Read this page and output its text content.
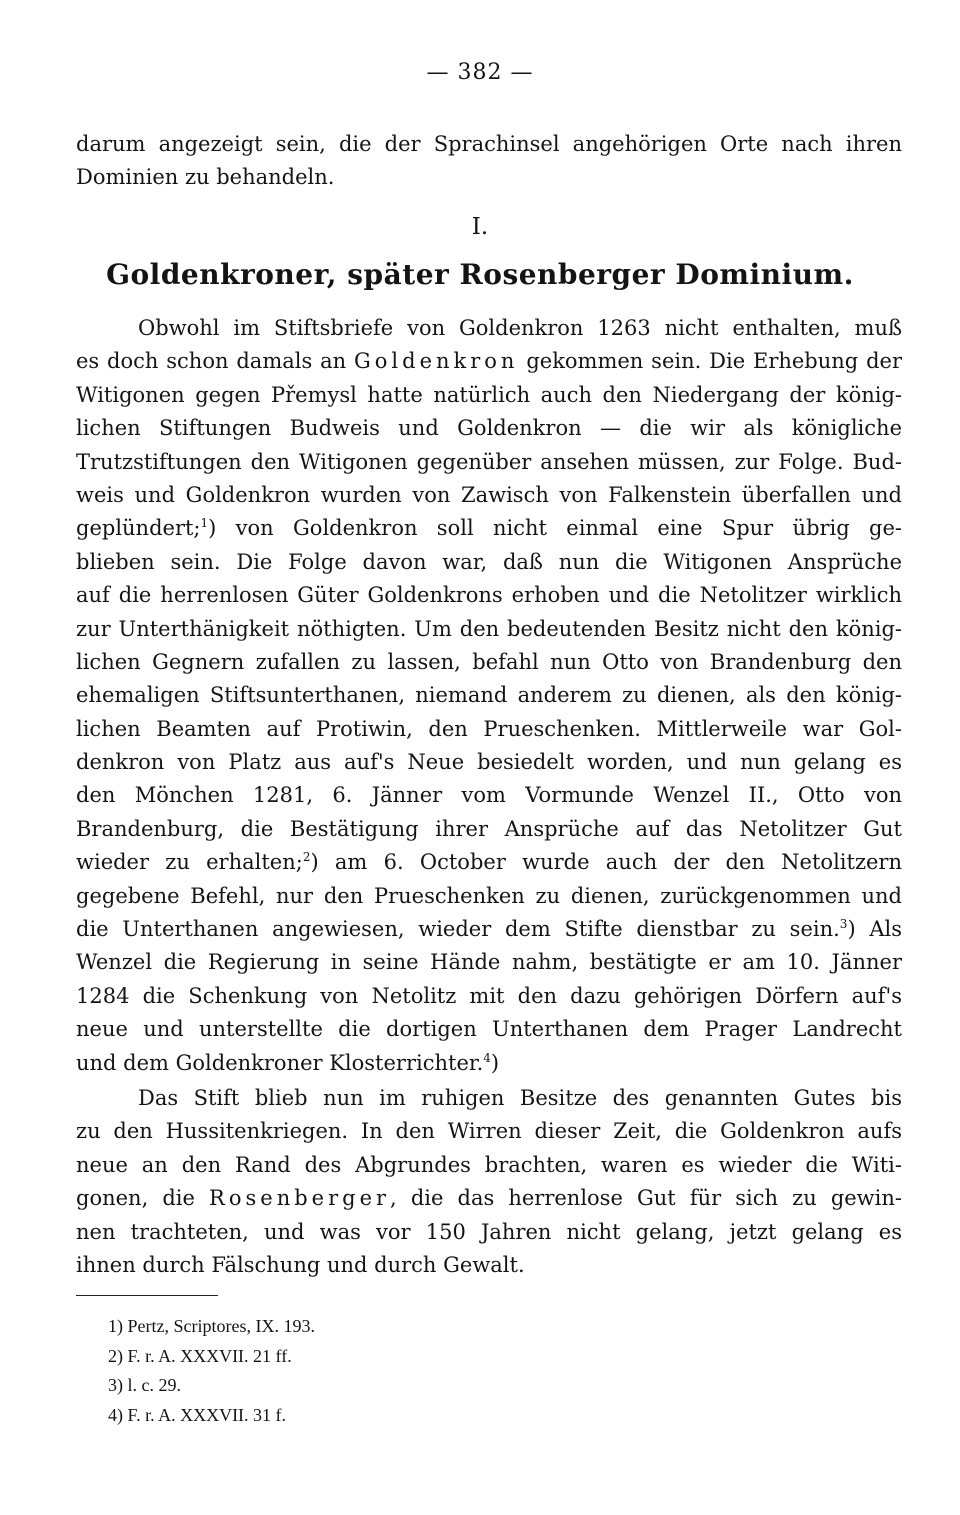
— 382 —
darum angezeigt sein, die der Sprachinsel angehörigen Orte nach ihren
Dominien zu behandeln.
I.
Goldenkroner, später Rosenberger Dominium.
Obwohl im Stiftsbriefe von Goldenkron 1263 nicht enthalten, muß
es doch schon damals an Goldenkron gekommen sein. Die Erhebung der
Witigonen gegen Přemysl hatte natürlich auch den Niedergang der könig-
lichen Stiftungen Budweis und Goldenkron — die wir als königliche
Trutzstiftungen den Witigonen gegenüber ansehen müssen, zur Folge. Bud-
weis und Goldenkron wurden von Zawisch von Falkenstein überfallen und
geplündert;$^1$) von Goldenkron soll nicht einmal eine Spur übrig ge-
blieben sein. Die Folge davon war, daß nun die Witigonen Ansprüche
auf die herrenlosen Güter Goldenkrons erhoben und die Netolitzer wirklich
zur Unterthänigkeit nöthigten. Um den bedeutenden Besitz nicht den könig-
lichen Gegnern zufallen zu lassen, befahl nun Otto von Brandenburg den
ehemaligen Stiftsunterthanen, niemand anderem zu dienen, als den könig-
lichen Beamten auf Protiwin, den Prueschenken. Mittlerweile war Gol-
denkron von Platz aus auf's Neue besiedelt worden, und nun gelang es
den Mönchen 1281, 6. Jänner vom Vormunde Wenzel II., Otto von
Brandenburg, die Bestätigung ihrer Ansprüche auf das Netolitzer Gut
wieder zu erhalten;$^2$) am 6. October wurde auch der den Netolitzern
gegebene Befehl, nur den Prueschenken zu dienen, zurückgenommen und
die Unterthanen angewiesen, wieder dem Stifte dienstbar zu sein.$^3$) Als
Wenzel die Regierung in seine Hände nahm, bestätigte er am 10. Jänner
1284 die Schenkung von Netolitz mit den dazu gehörigen Dörfern auf's
neue und unterstellte die dortigen Unterthanen dem Prager Landrecht
und dem Goldenkroner Klosterrichter.$^4$)
Das Stift blieb nun im ruhigen Besitze des genannten Gutes bis
zu den Hussitenkriegen. In den Wirren dieser Zeit, die Goldenkron aufs
neue an den Rand des Abgrundes brachten, waren es wieder die Witi-
gonen, die Rosenberger, die das herrenlose Gut für sich zu gewin-
nen trachteten, und was vor 150 Jahren nicht gelang, jetzt gelang es
ihnen durch Fälschung und durch Gewalt.
1) Pertz, Scriptores, IX. 193.
2) F. r. A. XXXVII. 21 ff.
3) l. c. 29.
4) F. r. A. XXXVII. 31 f.
